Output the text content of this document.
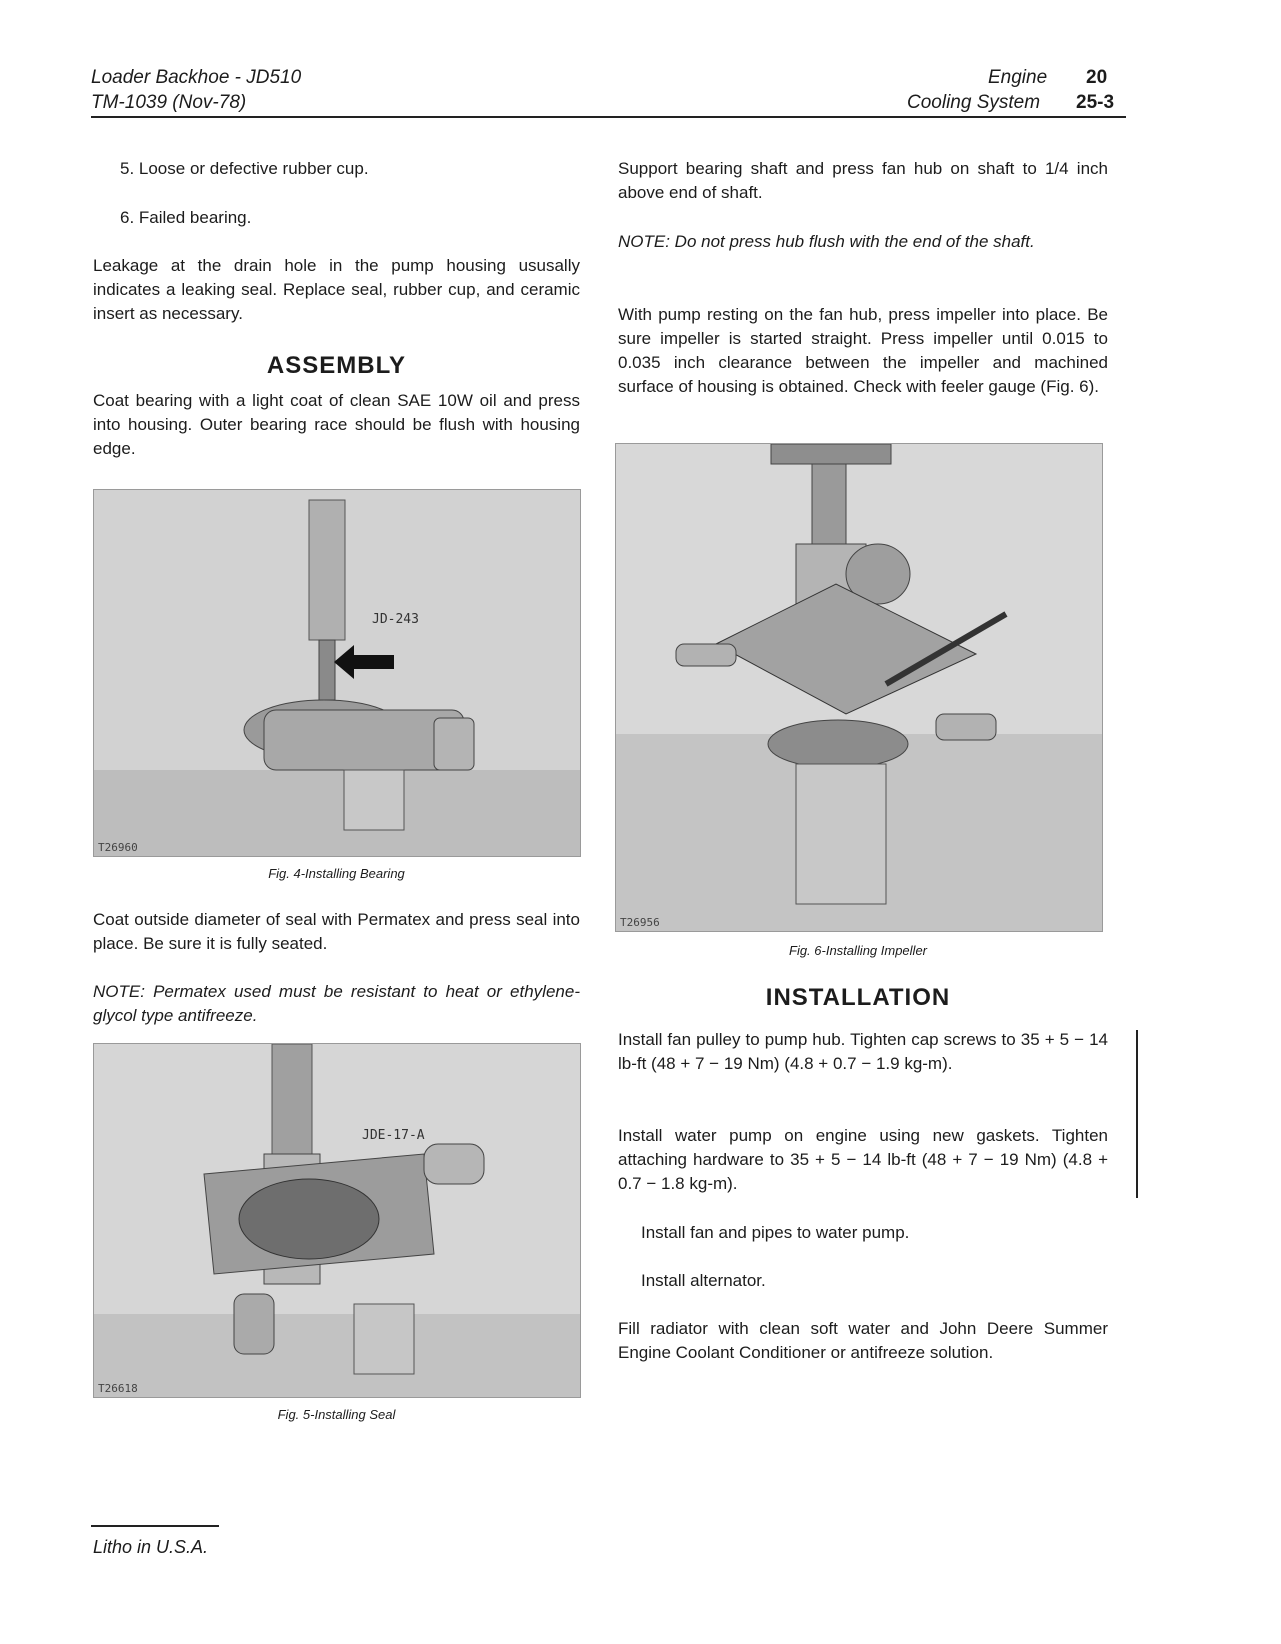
Loader Backhoe - JD510
TM-1039 (Nov-78)
Engine 20
Cooling System 25-3
5. Loose or defective rubber cup.
6. Failed bearing.
Leakage at the drain hole in the pump housing ususally indicates a leaking seal. Replace seal, rubber cup, and ceramic insert as necessary.
ASSEMBLY
Coat bearing with a light coat of clean SAE 10W oil and press into housing. Outer bearing race should be flush with housing edge.
JD-243
T26960
Fig. 4-Installing Bearing
Coat outside diameter of seal with Permatex and press seal into place. Be sure it is fully seated.
NOTE: Permatex used must be resistant to heat or ethylene-glycol type antifreeze.
JDE-17-A
T26618
Fig. 5-Installing Seal
Support bearing shaft and press fan hub on shaft to 1/4 inch above end of shaft.
NOTE: Do not press hub flush with the end of the shaft.
With pump resting on the fan hub, press impeller into place. Be sure impeller is started straight. Press impeller until 0.015 to 0.035 inch clearance between the impeller and machined surface of housing is obtained. Check with feeler gauge (Fig. 6).
T26956
Fig. 6-Installing Impeller
INSTALLATION
Install fan pulley to pump hub. Tighten cap screws to 35 + 5 − 14 lb-ft (48 + 7 − 19 Nm) (4.8 + 0.7 − 1.9 kg-m).
Install water pump on engine using new gaskets. Tighten attaching hardware to 35 + 5 − 14 lb-ft (48 + 7 − 19 Nm) (4.8 + 0.7 − 1.8 kg-m).
Install fan and pipes to water pump.
Install alternator.
Fill radiator with clean soft water and John Deere Summer Engine Coolant Conditioner or antifreeze solution.
Litho in U.S.A.
